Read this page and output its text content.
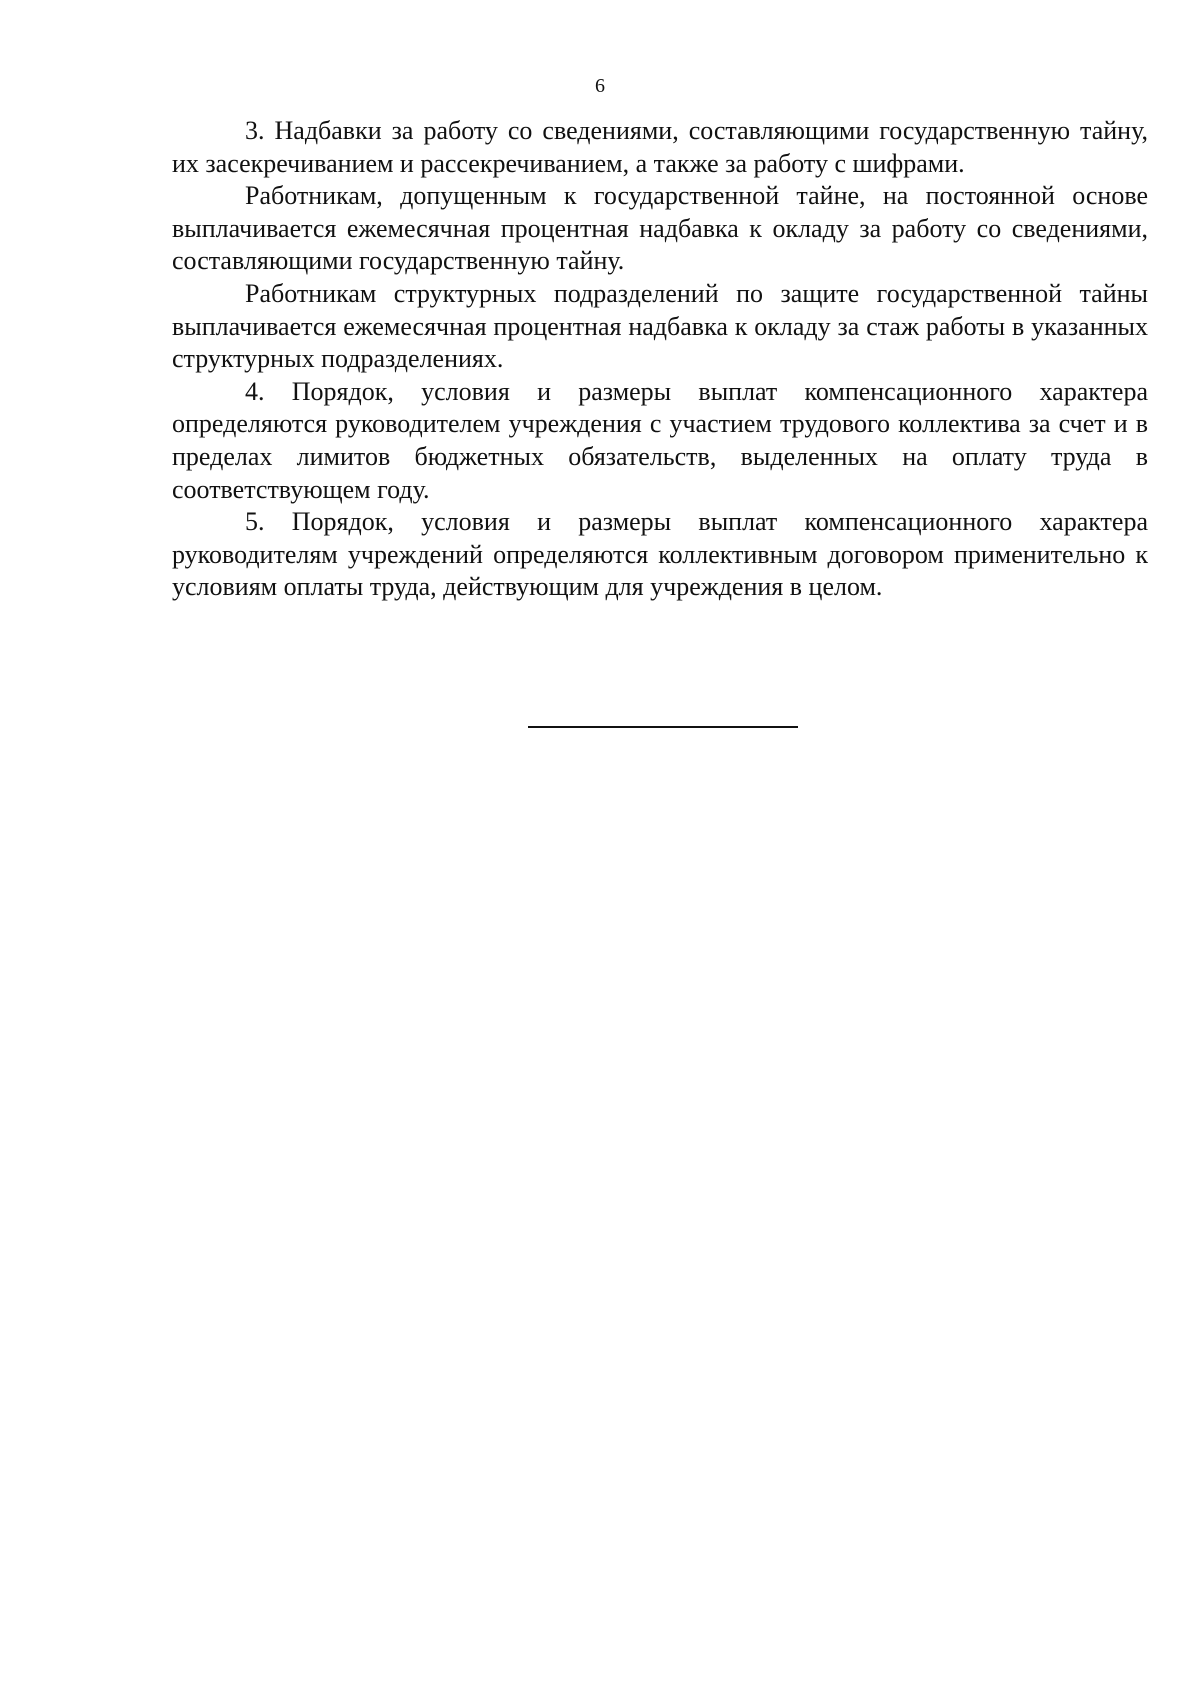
6

3. Надбавки за работу со сведениями, составляющими государственную тайну, их засекречиванием и рассекречиванием, а также за работу с шифрами.

Работникам, допущенным к государственной тайне, на постоянной основе выплачивается ежемесячная процентная надбавка к окладу за работу со сведениями, составляющими государственную тайну.

Работникам структурных подразделений по защите государственной тайны выплачивается ежемесячная процентная надбавка к окладу за стаж работы в указанных структурных подразделениях.

4. Порядок, условия и размеры выплат компенсационного характера определяются руководителем учреждения с участием трудового коллектива за счет и в пределах лимитов бюджетных обязательств, выделенных на оплату труда в соответствующем году.

5. Порядок, условия и размеры выплат компенсационного характера руководителям учреждений определяются коллективным договором применительно к условиям оплаты труда, действующим для учреждения в целом.
